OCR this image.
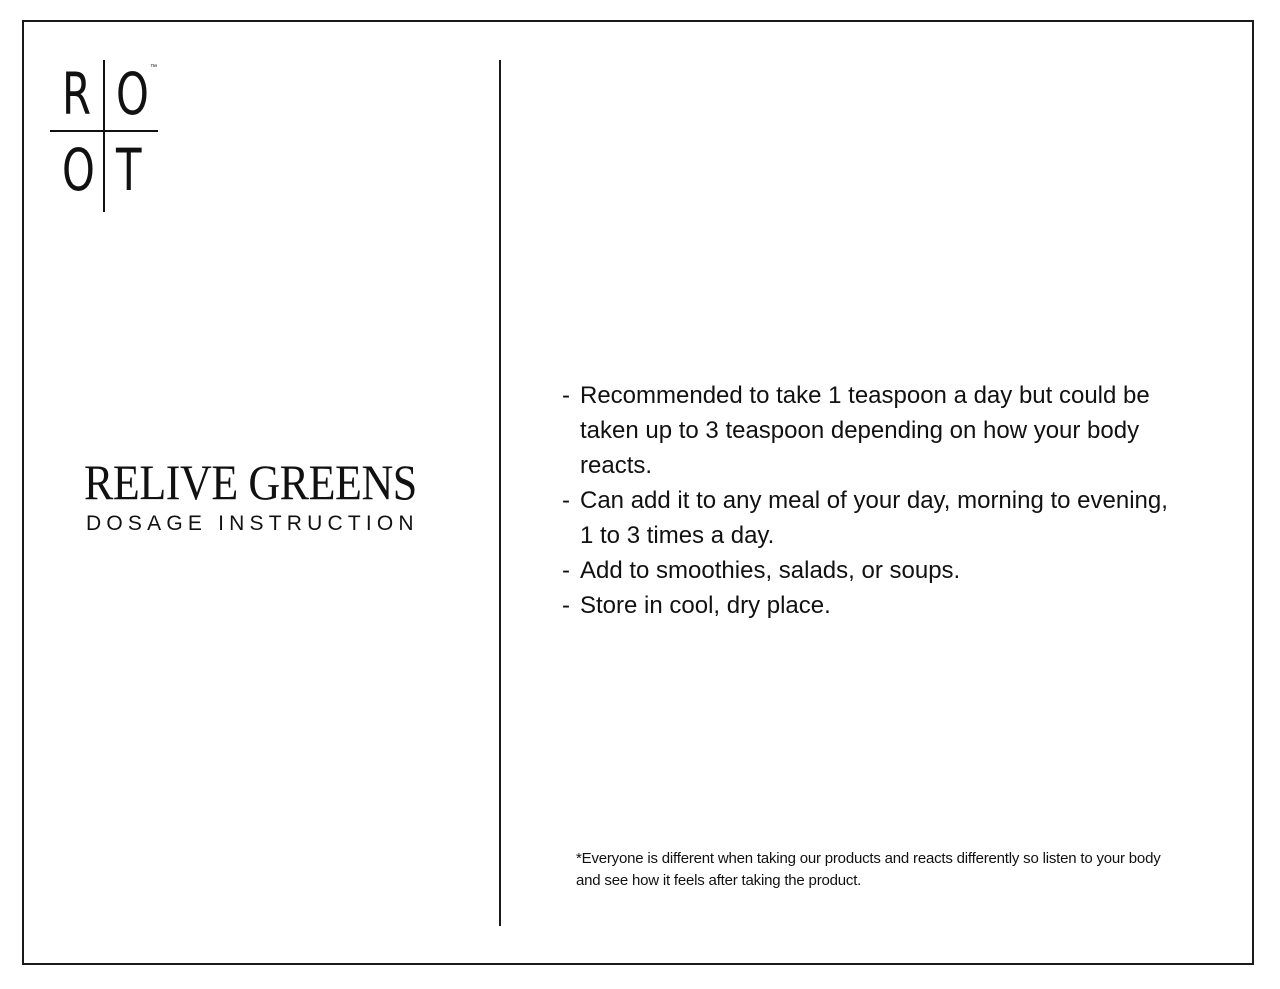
R O
O T
™
RELIVE GREENS
DOSAGE INSTRUCTION
- Recommended to take 1 teaspoon a day but could be taken up to 3 teaspoon depending on how your body reacts.
- Can add it to any meal of your day, morning to evening, 1 to 3 times a day.
- Add to smoothies, salads, or soups.
- Store in cool, dry place.
*Everyone is different when taking our products and reacts differently so listen to your body and see how it feels after taking the product.
